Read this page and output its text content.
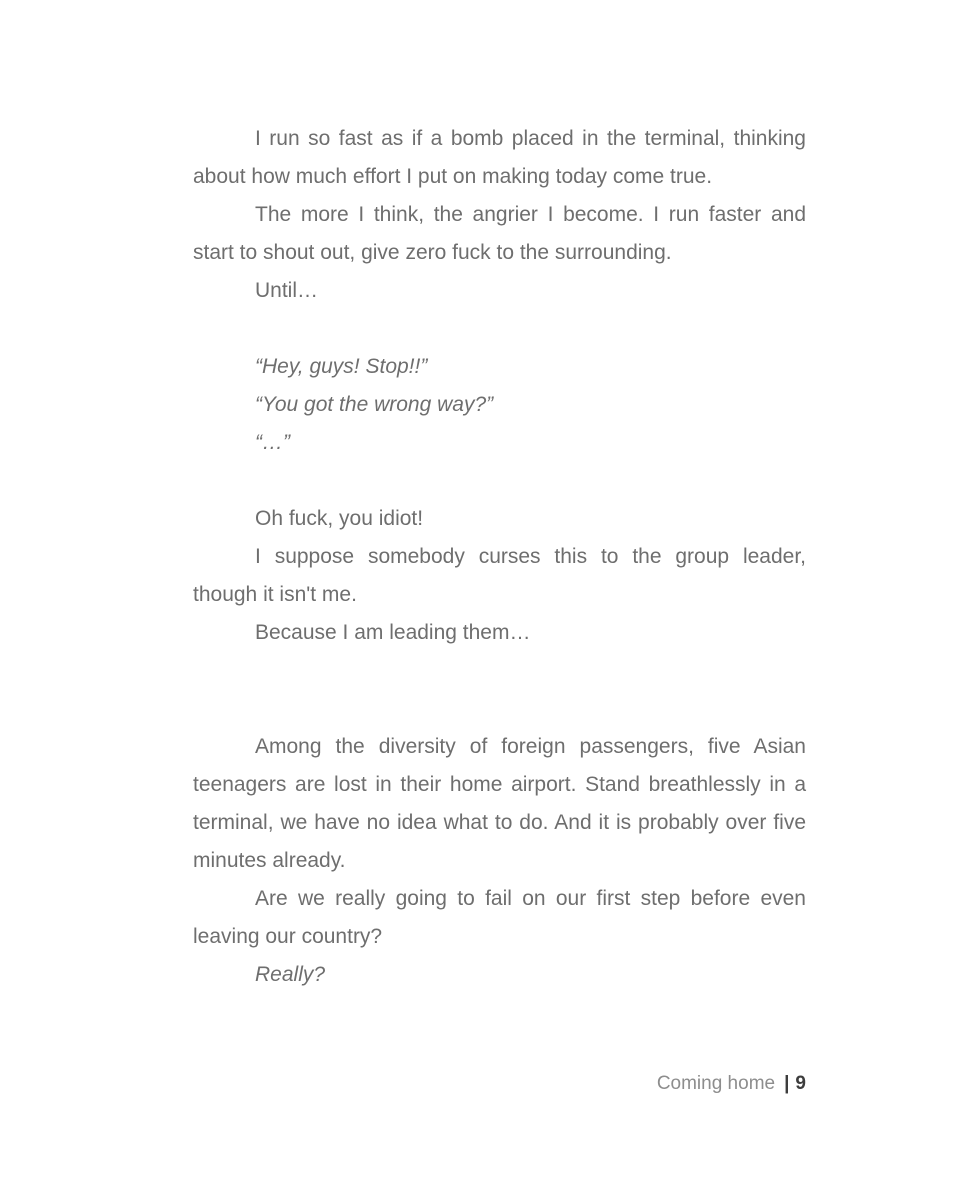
I run so fast as if a bomb placed in the terminal, thinking about how much effort I put on making today come true.

The more I think, the angrier I become. I run faster and start to shout out, give zero fuck to the surrounding.

Until…

“Hey, guys! Stop!!”

“You got the wrong way?”

“…”

Oh fuck, you idiot!

I suppose somebody curses this to the group leader, though it isn't me.

Because I am leading them…

Among the diversity of foreign passengers, five Asian teenagers are lost in their home airport. Stand breathlessly in a terminal, we have no idea what to do. And it is probably over five minutes already.

Are we really going to fail on our first step before even leaving our country?

Really?

Coming home | 9
